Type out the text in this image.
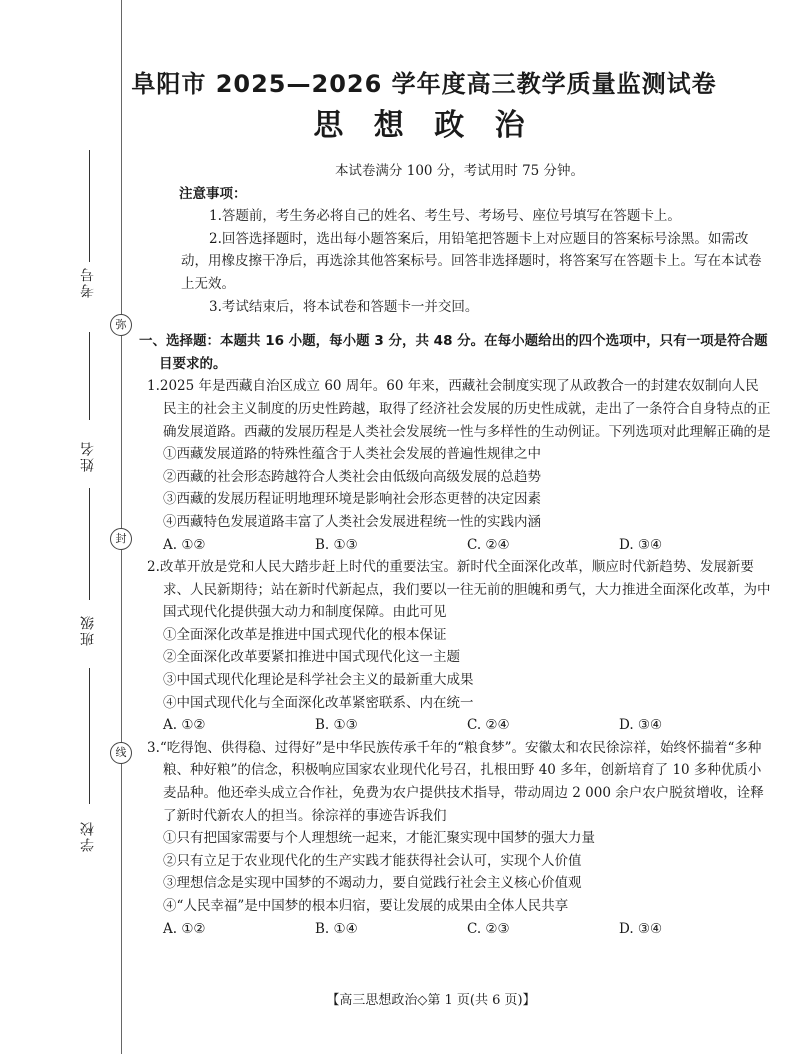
考号
弥
姓名
封
班级
线
学校
阜阳市 2025—2026 学年度高三教学质量监测试卷
思 想 政 治

本试卷满分 100 分，考试用时 75 分钟。

注意事项：

1.答题前，考生务必将自己的姓名、考生号、考场号、座位号填写在答题卡上。

2.回答选择题时，选出每小题答案后，用铅笔把答题卡上对应题目的答案标号涂黑。如需改动，用橡皮擦干净后，再选涂其他答案标号。回答非选择题时，将答案写在答题卡上。写在本试卷上无效。

3.考试结束后，将本试卷和答题卡一并交回。

一、选择题：本题共 16 小题，每小题 3 分，共 48 分。在每小题给出的四个选项中，只有一项是符合题目要求的。

1.2025 年是西藏自治区成立 60 周年。60 年来，西藏社会制度实现了从政教合一的封建农奴制向人民民主的社会主义制度的历史性跨越，取得了经济社会发展的历史性成就，走出了一条符合自身特点的正确发展道路。西藏的发展历程是人类社会发展统一性与多样性的生动例证。下列选项对此理解正确的是

①西藏发展道路的特殊性蕴含于人类社会发展的普遍性规律之中

②西藏的社会形态跨越符合人类社会由低级向高级发展的总趋势

③西藏的发展历程证明地理环境是影响社会形态更替的决定因素

④西藏特色发展道路丰富了人类社会发展进程统一性的实践内涵

A. ①②	B. ①③	C. ②④	D. ③④

2.改革开放是党和人民大踏步赶上时代的重要法宝。新时代全面深化改革，顺应时代新趋势、发展新要求、人民新期待；站在新时代新起点，我们要以一往无前的胆魄和勇气，大力推进全面深化改革，为中国式现代化提供强大动力和制度保障。由此可见

①全面深化改革是推进中国式现代化的根本保证

②全面深化改革要紧扣推进中国式现代化这一主题

③中国式现代化理论是科学社会主义的最新重大成果

④中国式现代化与全面深化改革紧密联系、内在统一

A. ①②	B. ①③	C. ②④	D. ③④

3.“吃得饱、供得稳、过得好”是中华民族传承千年的“粮食梦”。安徽太和农民徐淙祥，始终怀揣着“多种粮、种好粮”的信念，积极响应国家农业现代化号召，扎根田野 40 多年，创新培育了 10 多种优质小麦品种。他还牵头成立合作社，免费为农户提供技术指导，带动周边 2 000 余户农户脱贫增收，诠释了新时代新农人的担当。徐淙祥的事迹告诉我们

①只有把国家需要与个人理想统一起来，才能汇聚实现中国梦的强大力量

②只有立足于农业现代化的生产实践才能获得社会认可，实现个人价值

③理想信念是实现中国梦的不竭动力，要自觉践行社会主义核心价值观

④“人民幸福”是中国梦的根本归宿，要让发展的成果由全体人民共享

A. ①②	B. ①④	C. ②③	D. ③④
【高三思想政治◇第 1 页(共 6 页)】
